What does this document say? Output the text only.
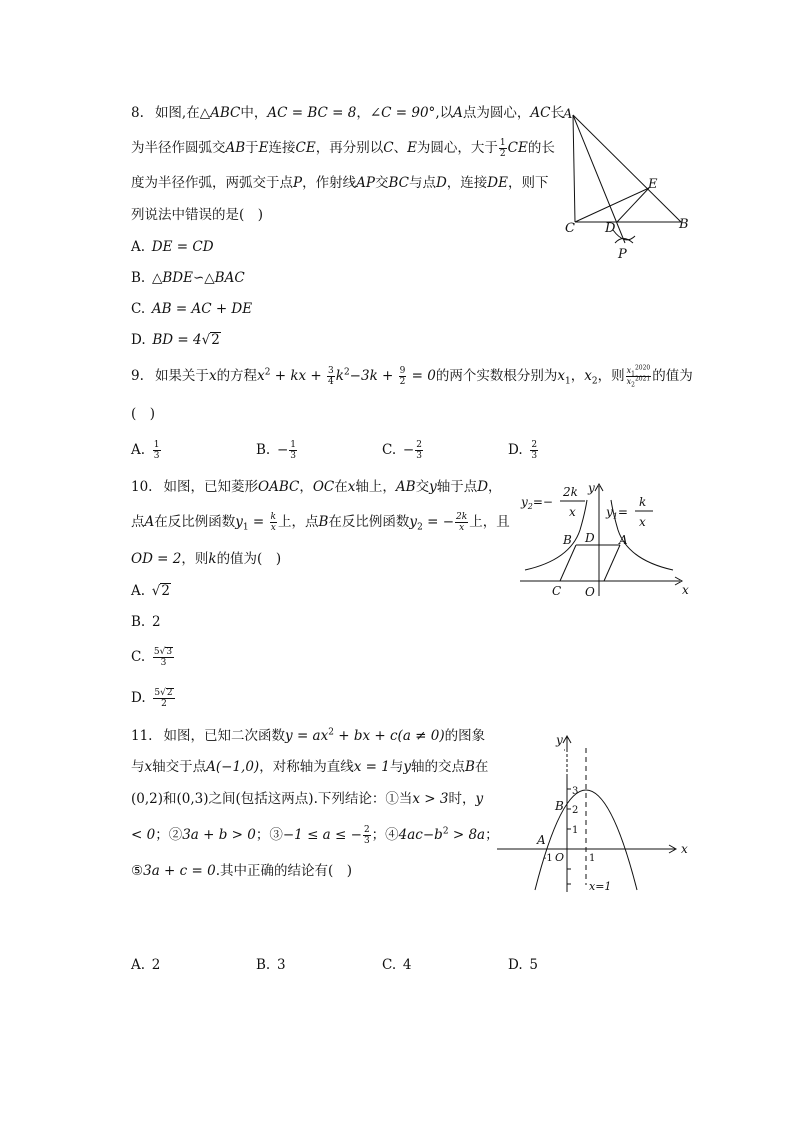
8.  如图,在△ABC中，AC = BC = 8，∠C = 90°,以A点为圆心，AC长
为半径作圆弧交AB于E连接CE，再分别以C、E为圆心，大于 $\frac{1}{2}$ CE的长
度为半径作弧，两弧交于点P，作射线AP交BC与点D，连接DE，则下
列说法中错误的是( )
A.  DE = CD
B.  △BDE∽△BAC
C.  AB = AC + DE
D.  BD = 4√2
A
E
C D	B
P
9.  如果关于x的方程$x^2$ + kx + $\frac{3}{4} k^2-3k + \frac{9}{2} = 0$的两个实数根分别为$x_1$，$x_2$，则 $\frac{x_1^{2020}}{x_2^{2021}}$ 的值为
( )
A.  $\frac{1}{3}$	B.  − $\frac{1}{3}$	C.  − $\frac{2}{3}$	D.  $\frac{2}{3}$
10.  如图，已知菱形OABC，OC在x轴上，AB交y轴于点D，
点A在反比例函数$y_1 = \frac{k}{x}$ 上，点B在反比例函数$y_2$ = − $\frac{2k}{x}$ 上，且
OD = 2，则k的值为( )
A.  √2
B.  2
C.  $\frac{5√3}{3}$
D.  $\frac{5√2}{2}$
$y_2=-$
2k
x
y
$y_1=$
k
x
B D A
C O	x
11.  如图，已知二次函数$y = ax^2$ + bx + c(a ≠ 0)的图象
与x轴交于点A(−1,0)，对称轴为直线x = 1与y轴的交点B在
(0,2)和(0,3)之间(包括这两点).下列结论：①当x > 3时，y
< 0；②3a + b > 0；③−1 ≤ a ≤ − $\frac{2}{3}$ ；$④4ac-b^2 > 8a$；
⑤3a + c = 0.其中正确的结论有( )
A.  2	B.  3	C.  4	D.  5
y
3
B 2
1
A
-1 O 1
x
x=1
